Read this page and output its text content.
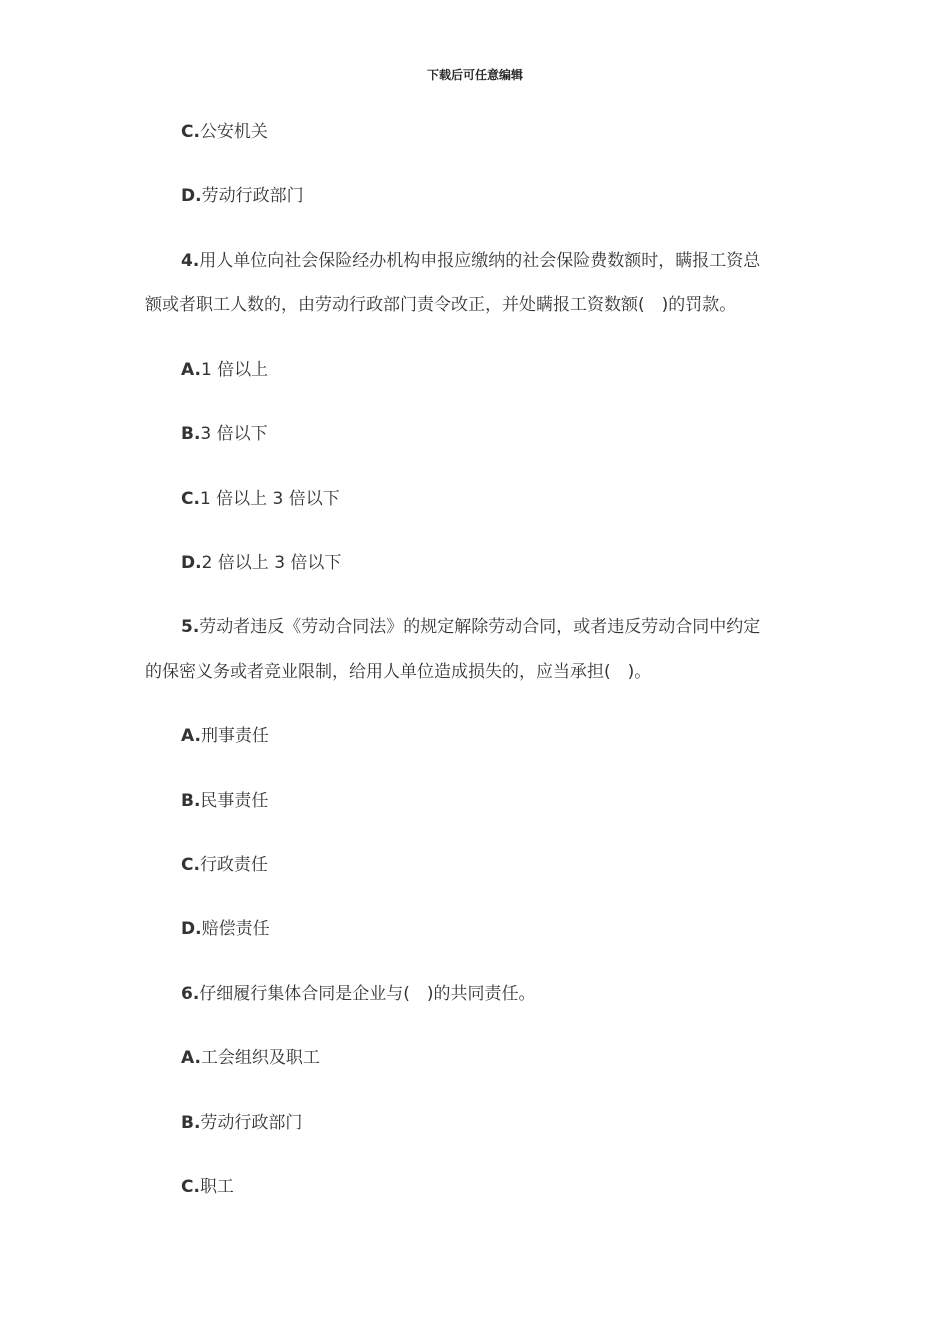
下载后可任意编辑
C.公安机关
D.劳动行政部门
4.用人单位向社会保险经办机构申报应缴纳的社会保险费数额时，瞒报工资总
额或者职工人数的，由劳动行政部门责令改正，并处瞒报工资数额(　)的罚款。
A.1 倍以上
B.3 倍以下
C.1 倍以上 3 倍以下
D.2 倍以上 3 倍以下
5.劳动者违反《劳动合同法》的规定解除劳动合同，或者违反劳动合同中约定
的保密义务或者竞业限制，给用人单位造成损失的，应当承担(　)。
A.刑事责任
B.民事责任
C.行政责任
D.赔偿责任
6.仔细履行集体合同是企业与(　)的共同责任。
A.工会组织及职工
B.劳动行政部门
C.职工
